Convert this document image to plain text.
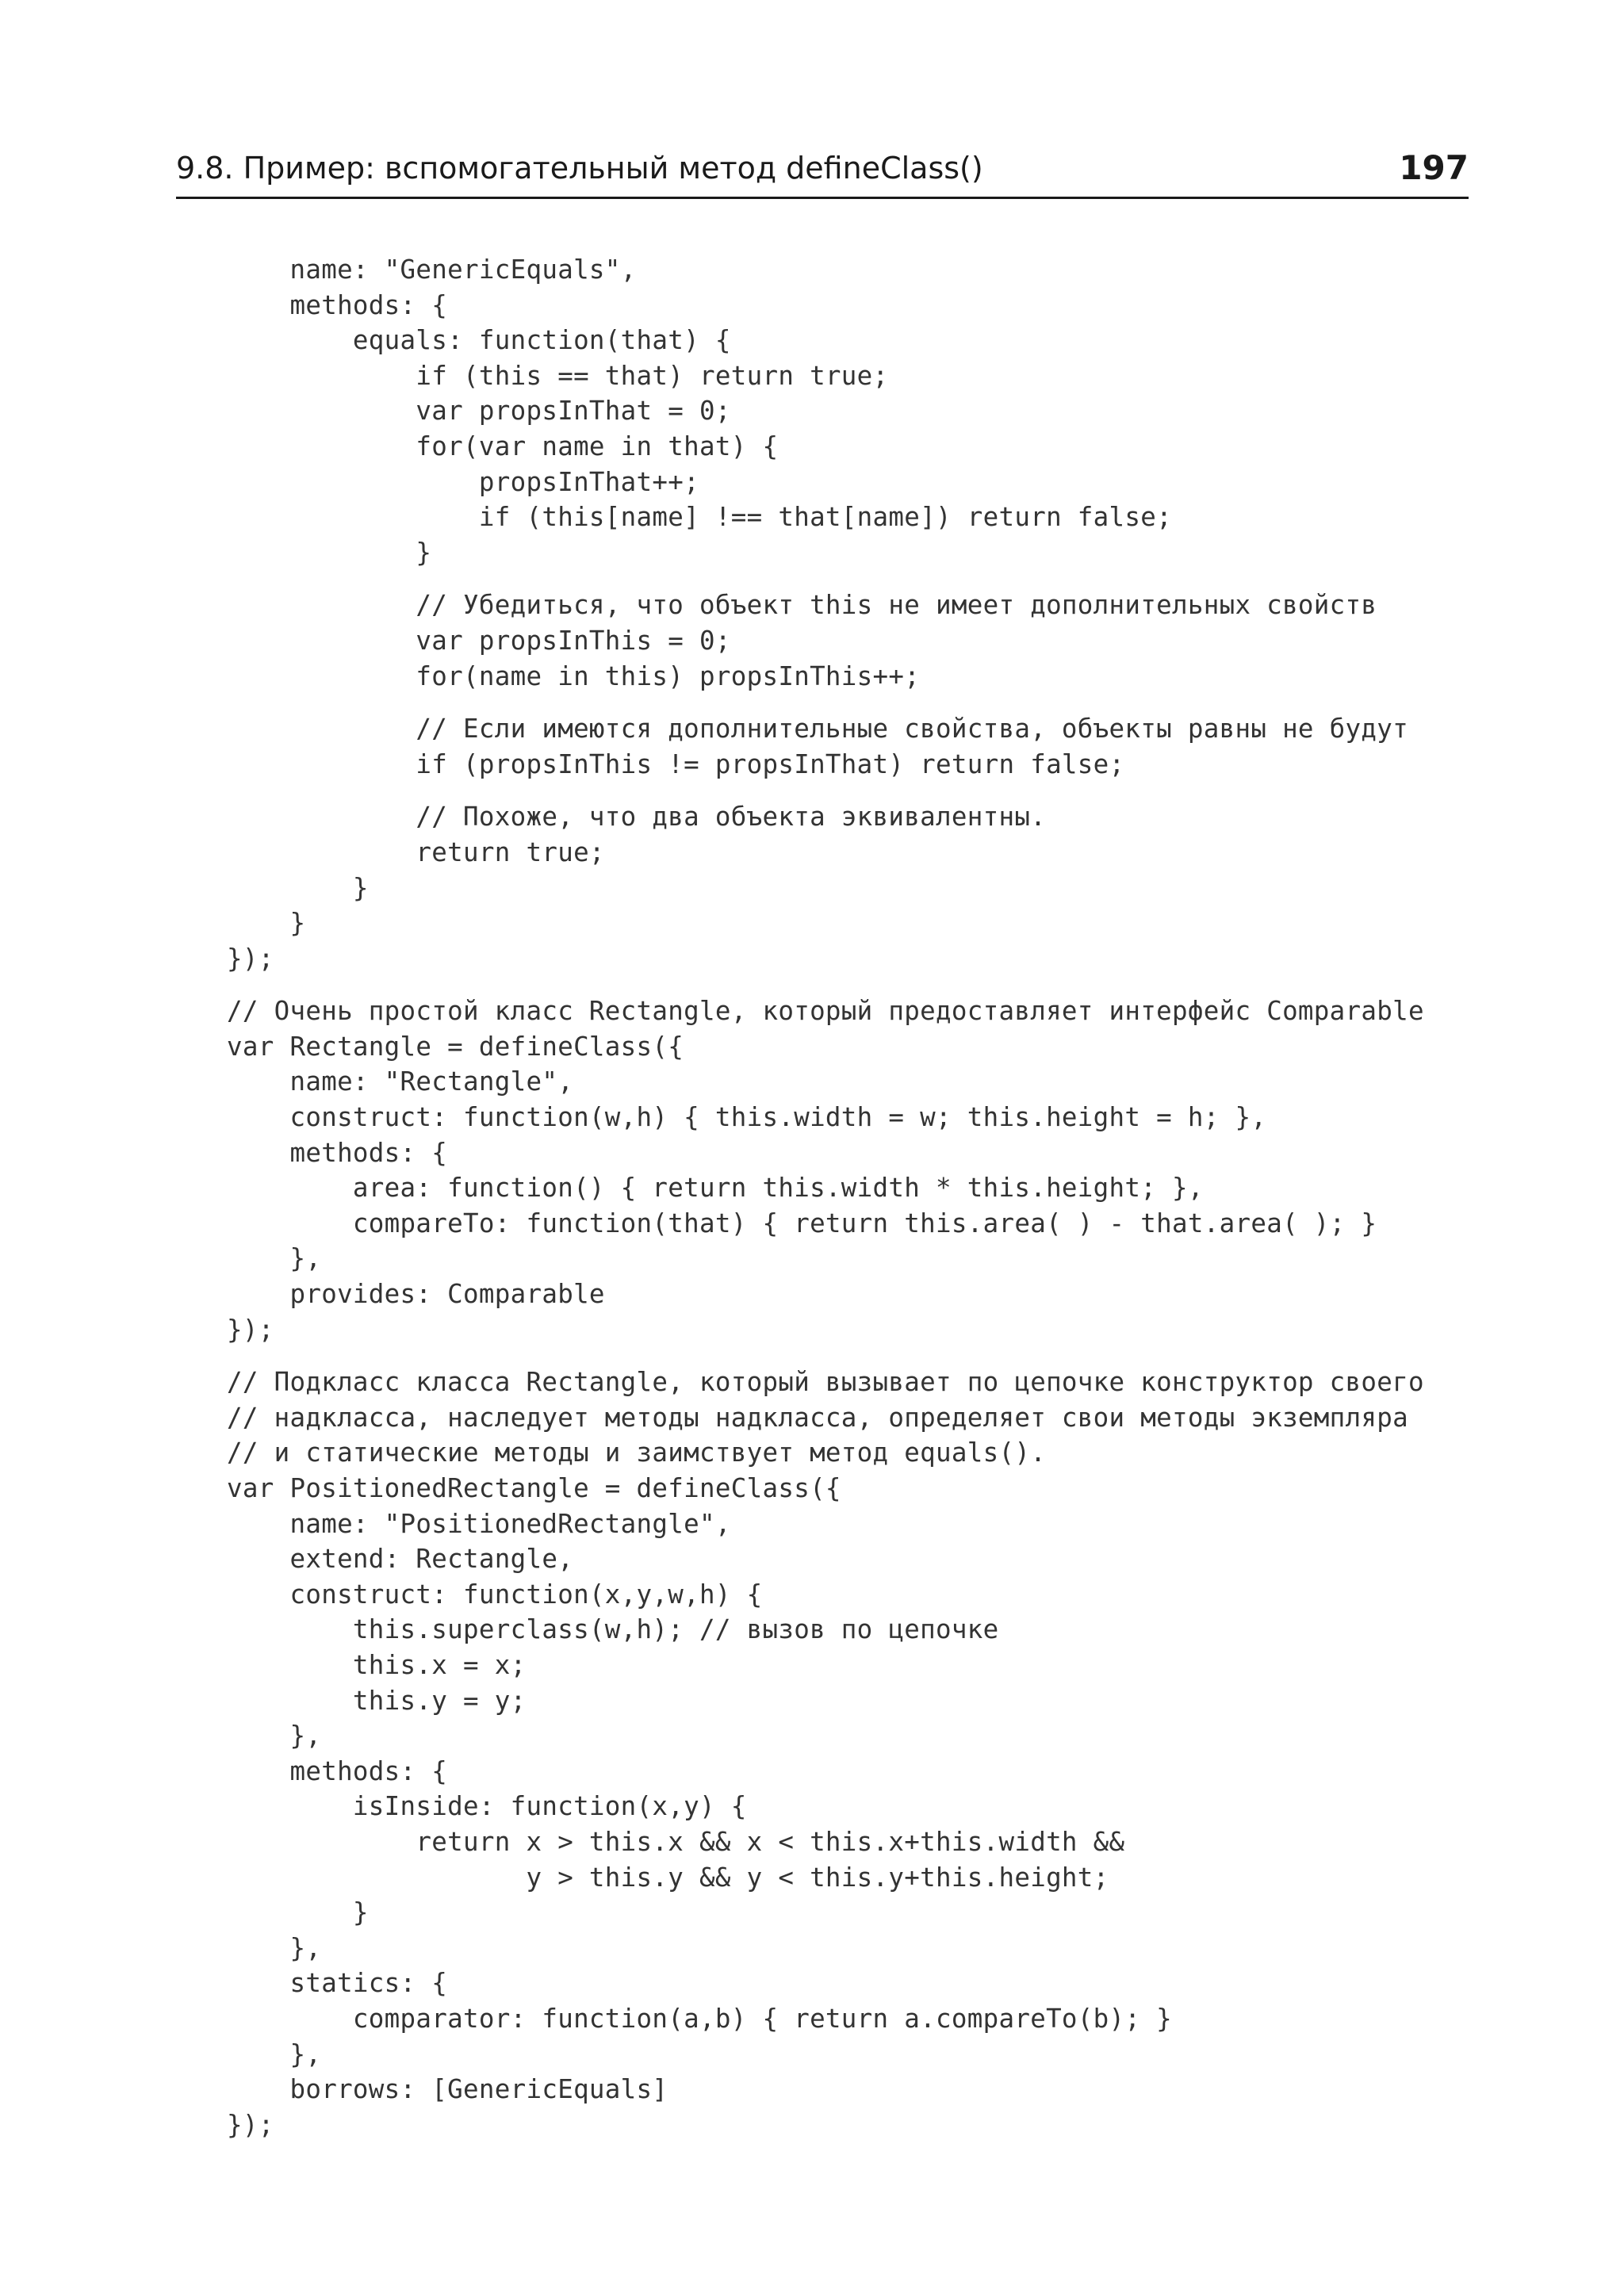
9.8. Пример: вспомогательный метод defineClass()	197
name: "GenericEquals",
methods: {
equals: function(that) {
if (this == that) return true;
var propsInThat = 0;
for(var name in that) {
propsInThat++;
if (this[name] !== that[name]) return false;
}
// Убедиться, что объект this не имеет дополнительных свойств
var propsInThis = 0;
for(name in this) propsInThis++;
// Если имеются дополнительные свойства, объекты равны не будут
if (propsInThis != propsInThat) return false;
// Похоже, что два объекта эквивалентны.
return true;
}
}
});
// Очень простой класс Rectangle, который предоставляет интерфейс Comparable
var Rectangle = defineClass({
name: "Rectangle",
construct: function(w,h) { this.width = w; this.height = h; },
methods: {
area: function() { return this.width * this.height; },
compareTo: function(that) { return this.area( ) - that.area( ); }
},
provides: Comparable
});
// Подкласс класса Rectangle, который вызывает по цепочке конструктор своего
// надкласса, наследует методы надкласса, определяет свои методы экземпляра
// и статические методы и заимствует метод equals().
var PositionedRectangle = defineClass({
name: "PositionedRectangle",
extend: Rectangle,
construct: function(x,y,w,h) {
this.superclass(w,h); // вызов по цепочке
this.x = x;
this.y = y;
},
methods: {
isInside: function(x,y) {
return x > this.x && x < this.x+this.width &&
y > this.y && y < this.y+this.height;
}
},
statics: {
comparator: function(a,b) { return a.compareTo(b); }
},
borrows: [GenericEquals]
});
